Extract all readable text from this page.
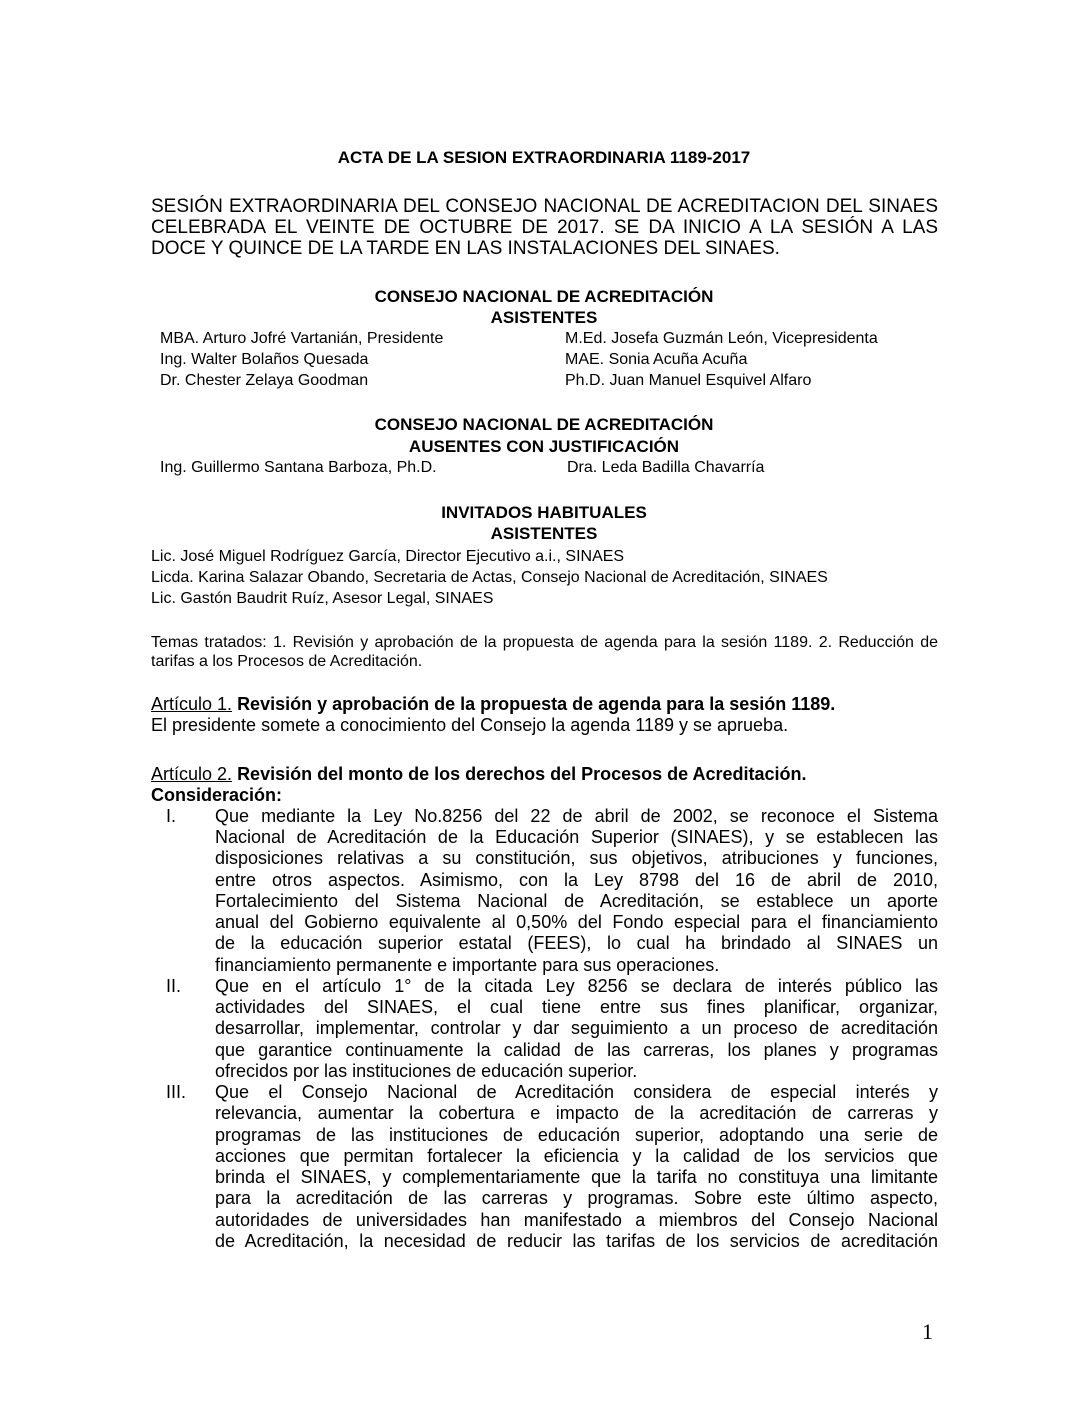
ACTA DE LA SESION EXTRAORDINARIA 1189-2017
SESIÓN EXTRAORDINARIA DEL CONSEJO NACIONAL DE ACREDITACION DEL SINAES CELEBRADA EL VEINTE DE OCTUBRE DE 2017. SE DA INICIO A LA SESIÓN A LAS DOCE Y QUINCE DE LA TARDE EN LAS INSTALACIONES DEL SINAES.
CONSEJO NACIONAL DE ACREDITACIÓN
ASISTENTES
MBA. Arturo Jofré Vartanián, Presidente
Ing. Walter Bolaños Quesada
Dr. Chester Zelaya Goodman
M.Ed. Josefa Guzmán León, Vicepresidenta
MAE. Sonia Acuña Acuña
Ph.D. Juan Manuel Esquivel Alfaro
CONSEJO NACIONAL DE ACREDITACIÓN
AUSENTES CON JUSTIFICACIÓN
Ing. Guillermo Santana Barboza, Ph.D.	Dra. Leda Badilla Chavarría
INVITADOS HABITUALES
ASISTENTES
Lic. José Miguel Rodríguez García, Director Ejecutivo a.i., SINAES
Licda. Karina Salazar Obando, Secretaria de Actas, Consejo Nacional de Acreditación, SINAES
Lic. Gastón Baudrit Ruíz, Asesor Legal, SINAES
Temas tratados: 1. Revisión y aprobación de la propuesta de agenda para la sesión 1189. 2. Reducción de tarifas a los Procesos de Acreditación.
Artículo 1. Revisión y aprobación de la propuesta de agenda para la sesión 1189.
El presidente somete a conocimiento del Consejo la agenda 1189 y se aprueba.
Artículo 2. Revisión del monto de los derechos del Procesos de Acreditación.
Consideración:
I. Que mediante la Ley No.8256 del 22 de abril de 2002, se reconoce el Sistema
Nacional de Acreditación de la Educación Superior (SINAES), y se establecen las
disposiciones relativas a su constitución, sus objetivos, atribuciones y funciones,
entre otros aspectos. Asimismo, con la Ley 8798 del 16 de abril de 2010,
Fortalecimiento del Sistema Nacional de Acreditación, se establece un aporte
anual del Gobierno equivalente al 0,50% del Fondo especial para el financiamiento
de la educación superior estatal (FEES), lo cual ha brindado al SINAES un
financiamiento permanente e importante para sus operaciones.
II. Que en el artículo 1° de la citada Ley 8256 se declara de interés público las
actividades del SINAES, el cual tiene entre sus fines planificar, organizar,
desarrollar, implementar, controlar y dar seguimiento a un proceso de acreditación
que garantice continuamente la calidad de las carreras, los planes y programas
ofrecidos por las instituciones de educación superior.
III. Que el Consejo Nacional de Acreditación considera de especial interés y
relevancia, aumentar la cobertura e impacto de la acreditación de carreras y
programas de las instituciones de educación superior, adoptando una serie de
acciones que permitan fortalecer la eficiencia y la calidad de los servicios que
brinda el SINAES, y complementariamente que la tarifa no constituya una limitante
para la acreditación de las carreras y programas. Sobre este último aspecto,
autoridades de universidades han manifestado a miembros del Consejo Nacional
de Acreditación, la necesidad de reducir las tarifas de los servicios de acreditación
1
